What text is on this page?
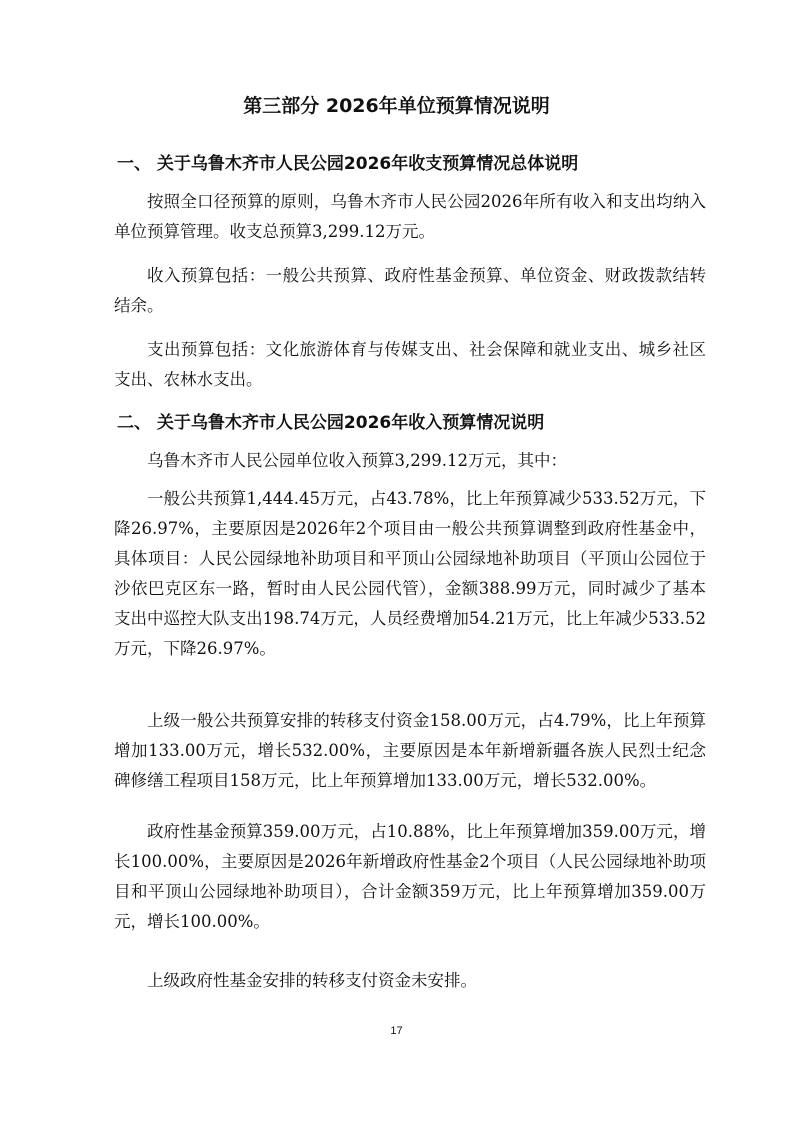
第三部分 2026年单位预算情况说明
一、 关于乌鲁木齐市人民公园2026年收支预算情况总体说明
按照全口径预算的原则，乌鲁木齐市人民公园2026年所有收入和支出均纳入单位预算管理。收支总预算3,299.12万元。
收入预算包括：一般公共预算、政府性基金预算、单位资金、财政拨款结转结余。
支出预算包括：文化旅游体育与传媒支出、社会保障和就业支出、城乡社区支出、农林水支出。
二、 关于乌鲁木齐市人民公园2026年收入预算情况说明
乌鲁木齐市人民公园单位收入预算3,299.12万元，其中：
一般公共预算1,444.45万元，占43.78%，比上年预算减少533.52万元，下降26.97%，主要原因是2026年2个项目由一般公共预算调整到政府性基金中，具体项目：人民公园绿地补助项目和平顶山公园绿地补助项目（平顶山公园位于沙依巴克区东一路，暂时由人民公园代管），金额388.99万元，同时减少了基本支出中巡控大队支出198.74万元，人员经费增加54.21万元，比上年减少533.52万元，下降26.97%。
上级一般公共预算安排的转移支付资金158.00万元，占4.79%，比上年预算增加133.00万元，增长532.00%，主要原因是本年新增新疆各族人民烈士纪念碑修缮工程项目158万元，比上年预算增加133.00万元，增长532.00%。
政府性基金预算359.00万元，占10.88%，比上年预算增加359.00万元，增长100.00%，主要原因是2026年新增政府性基金2个项目（人民公园绿地补助项目和平顶山公园绿地补助项目），合计金额359万元，比上年预算增加359.00万元，增长100.00%。
上级政府性基金安排的转移支付资金未安排。
17
